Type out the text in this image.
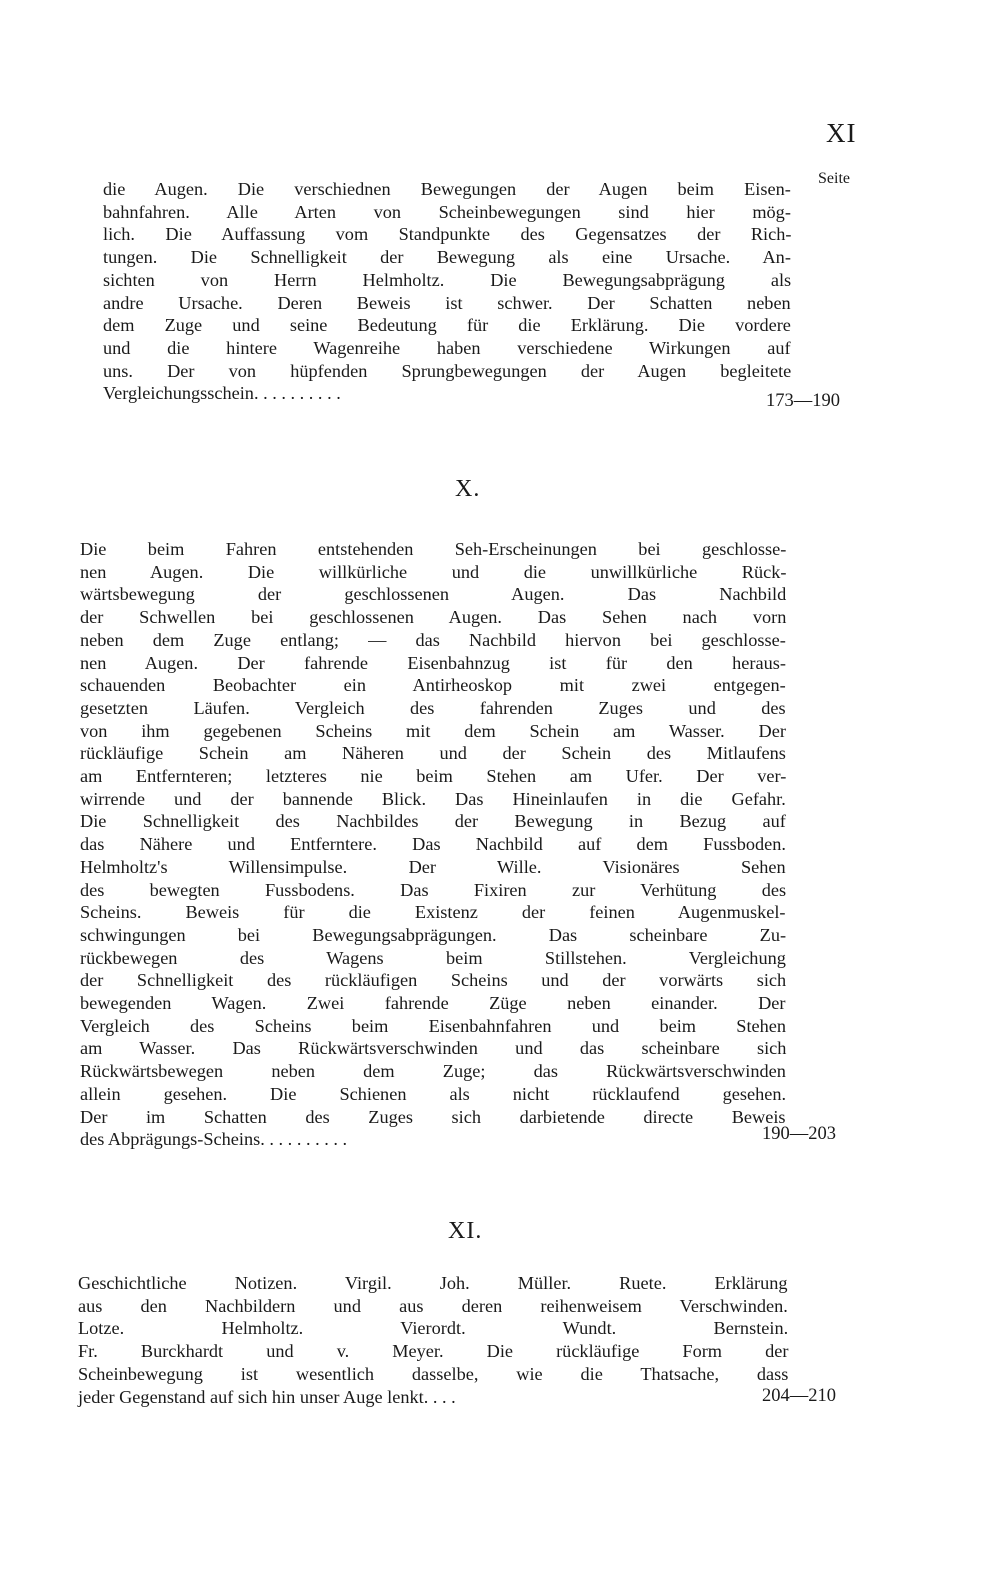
XI
Seite
die Augen. Die verschiednen Bewegungen der Augen beim Eisen-
bahnfahren. Alle Arten von Scheinbewegungen sind hier mög-
lich. Die Auffassung vom Standpunkte des Gegensatzes der Rich-
tungen. Die Schnelligkeit der Bewegung als eine Ursache. An-
sichten von Herrn Helmholtz. Die Bewegungsabprägung als
andre Ursache. Deren Beweis ist schwer. Der Schatten neben
dem Zuge und seine Bedeutung für die Erklärung. Die vordere
und die hintere Wagenreihe haben verschiedene Wirkungen auf
uns. Der von hüpfenden Sprungbewegungen der Augen begleitete
Vergleichungsschein. . . . . . . . . .	173—190
X.
Die beim Fahren entstehenden Seh-Erscheinungen bei geschlosse-
nen Augen. Die willkürliche und die unwillkürliche Rück-
wärtsbewegung der geschlossenen Augen. Das Nachbild
der Schwellen bei geschlossenen Augen. Das Sehen nach vorn
neben dem Zuge entlang; — das Nachbild hiervon bei geschlosse-
nen Augen. Der fahrende Eisenbahnzug ist für den heraus-
schauenden Beobachter ein Antirheoskop mit zwei entgegen-
gesetzten Läufen. Vergleich des fahrenden Zuges und des
von ihm gegebenen Scheins mit dem Schein am Wasser. Der
rückläufige Schein am Näheren und der Schein des Mitlaufens
am Entfernteren; letzteres nie beim Stehen am Ufer. Der ver-
wirrende und der bannende Blick. Das Hineinlaufen in die Gefahr.
Die Schnelligkeit des Nachbildes der Bewegung in Bezug auf
das Nähere und Entferntere. Das Nachbild auf dem Fussboden.
Helmholtz's Willensimpulse. Der Wille. Visionäres Sehen
des bewegten Fussbodens. Das Fixiren zur Verhütung des
Scheins. Beweis für die Existenz der feinen Augenmuskel-
schwingungen bei Bewegungsabprägungen. Das scheinbare Zu-
rückbewegen des Wagens beim Stillstehen. Vergleichung
der Schnelligkeit des rückläufigen Scheins und der vorwärts sich
bewegenden Wagen. Zwei fahrende Züge neben einander. Der
Vergleich des Scheins beim Eisenbahnfahren und beim Stehen
am Wasser. Das Rückwärtsverschwinden und das scheinbare sich
Rückwärtsbewegen neben dem Zuge; das Rückwärtsverschwinden
allein gesehen. Die Schienen als nicht rücklaufend gesehen.
Der im Schatten des Zuges sich darbietende directe Beweis
des Abprägungs-Scheins. . . . . . . . . .	190—203
XI.
Geschichtliche Notizen. Virgil. Joh. Müller. Ruete. Erklärung
aus den Nachbildern und aus deren reihenweisem Verschwinden.
Lotze. Helmholtz. Vierordt. Wundt. Bernstein.
Fr. Burckhardt und v. Meyer. Die rückläufige Form der
Scheinbewegung ist wesentlich dasselbe, wie die Thatsache, dass
jeder Gegenstand auf sich hin unser Auge lenkt. . . .	204—210
